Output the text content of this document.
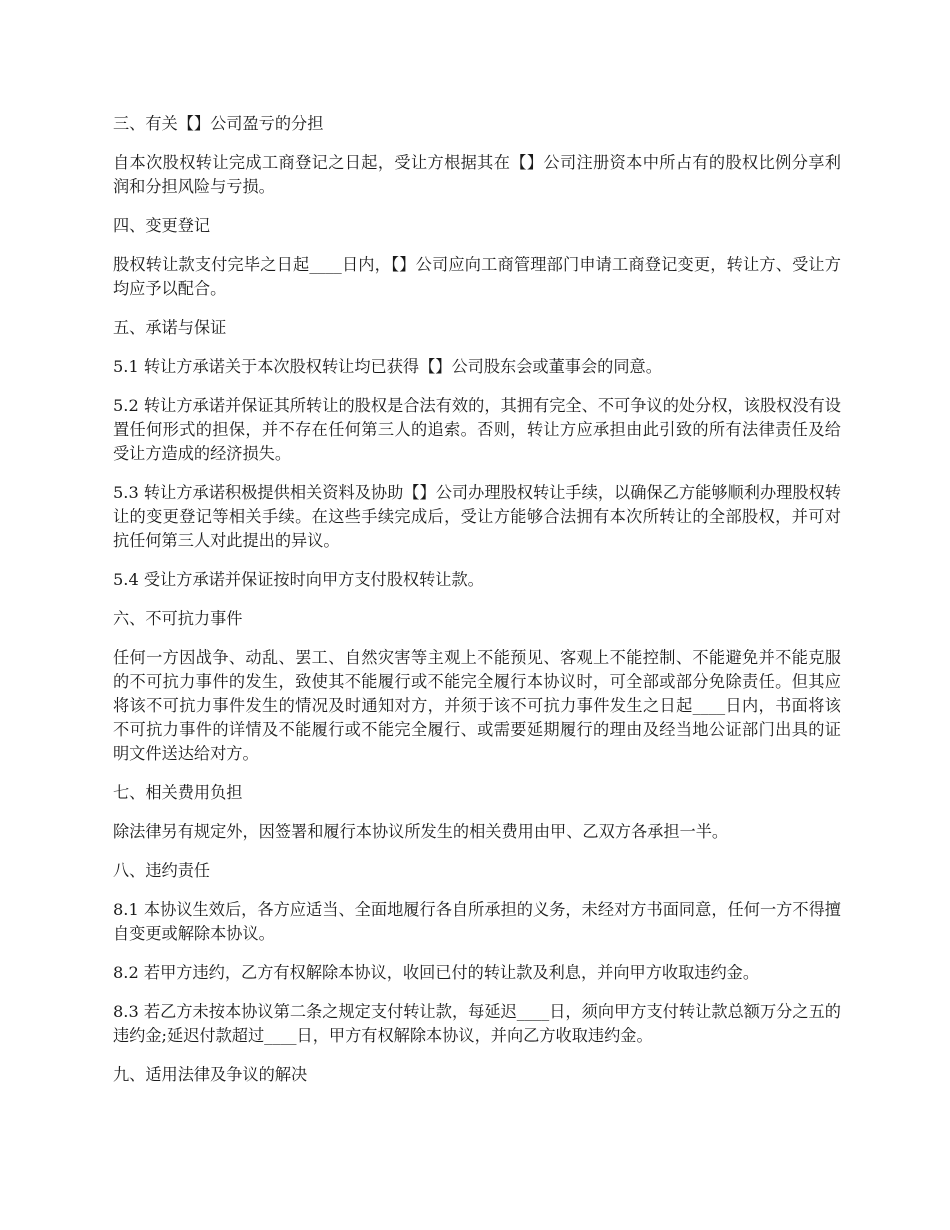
三、有关【】公司盈亏的分担

自本次股权转让完成工商登记之日起，受让方根据其在【】公司注册资本中所占有的股权比例分享利润和分担风险与亏损。

四、变更登记

股权转让款支付完毕之日起____日内，【】公司应向工商管理部门申请工商登记变更，转让方、受让方均应予以配合。

五、承诺与保证

5.1 转让方承诺关于本次股权转让均已获得【】公司股东会或董事会的同意。

5.2 转让方承诺并保证其所转让的股权是合法有效的，其拥有完全、不可争议的处分权，该股权没有设置任何形式的担保，并不存在任何第三人的追索。否则，转让方应承担由此引致的所有法律责任及给受让方造成的经济损失。

5.3 转让方承诺积极提供相关资料及协助【】公司办理股权转让手续，以确保乙方能够顺利办理股权转让的变更登记等相关手续。在这些手续完成后，受让方能够合法拥有本次所转让的全部股权，并可对抗任何第三人对此提出的异议。

5.4 受让方承诺并保证按时向甲方支付股权转让款。

六、不可抗力事件

任何一方因战争、动乱、罢工、自然灾害等主观上不能预见、客观上不能控制、不能避免并不能克服的不可抗力事件的发生，致使其不能履行或不能完全履行本协议时，可全部或部分免除责任。但其应将该不可抗力事件发生的情况及时通知对方，并须于该不可抗力事件发生之日起____日内，书面将该不可抗力事件的详情及不能履行或不能完全履行、或需要延期履行的理由及经当地公证部门出具的证明文件送达给对方。

七、相关费用负担

除法律另有规定外，因签署和履行本协议所发生的相关费用由甲、乙双方各承担一半。

八、违约责任

8.1 本协议生效后，各方应适当、全面地履行各自所承担的义务，未经对方书面同意，任何一方不得擅自变更或解除本协议。

8.2 若甲方违约，乙方有权解除本协议，收回已付的转让款及利息，并向甲方收取违约金。

8.3 若乙方未按本协议第二条之规定支付转让款，每延迟____日，须向甲方支付转让款总额万分之五的违约金;延迟付款超过____日，甲方有权解除本协议，并向乙方收取违约金。

九、适用法律及争议的解决
